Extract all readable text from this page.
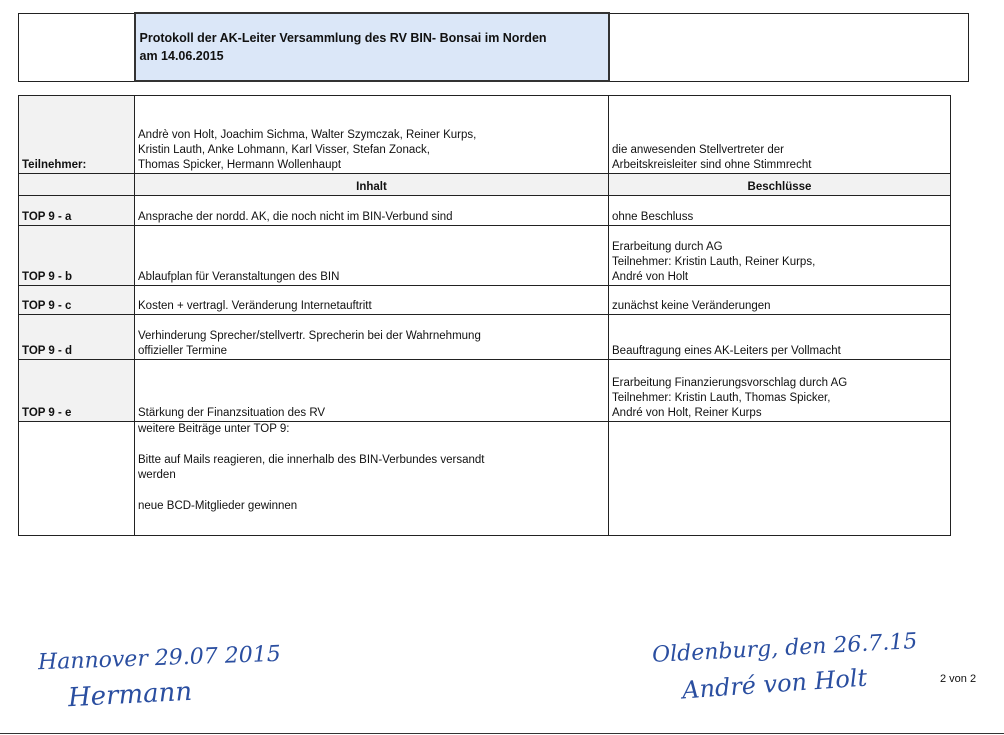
Protokoll der AK-Leiter Versammlung des RV BIN- Bonsai im Norden
am 14.06.2015

Teilnehmer:	Andrè von Holt, Joachim Sichma, Walter Szymczak, Reiner Kurps,
Kristin Lauth, Anke Lohmann, Karl Visser, Stefan Zonack,
Thomas Spicker, Hermann Wollenhaupt	die anwesenden Stellvertreter der
Arbeitskreisleiter sind ohne Stimmrecht
	Inhalt	Beschlüsse
TOP 9 - a	Ansprache der nordd. AK, die noch nicht im BIN-Verbund sind	ohne Beschluss
TOP 9 - b	Ablaufplan für Veranstaltungen des BIN	Erarbeitung durch AG
Teilnehmer: Kristin Lauth, Reiner Kurps,
André von Holt
TOP 9 - c	Kosten + vertragl. Veränderung Internetauftritt	zunächst keine Veränderungen
TOP 9 - d	Verhinderung Sprecher/stellvertr. Sprecherin bei der Wahrnehmung
offizieller Termine	Beauftragung eines AK-Leiters per Vollmacht
TOP 9 - e	Stärkung der Finanzsituation des RV	Erarbeitung Finanzierungsvorschlag durch AG
Teilnehmer: Kristin Lauth, Thomas Spicker,
André von Holt, Reiner Kurps

	weitere Beiträge unter TOP 9:
Bitte auf Mails reagieren, die innerhalb des BIN-Verbundes versandt
werden
neue BCD-Mitglieder gewinnen	

Hannover 29.07 2015
Hermann
Oldenburg, den 26.7.15
André von Holt	2 von 2
